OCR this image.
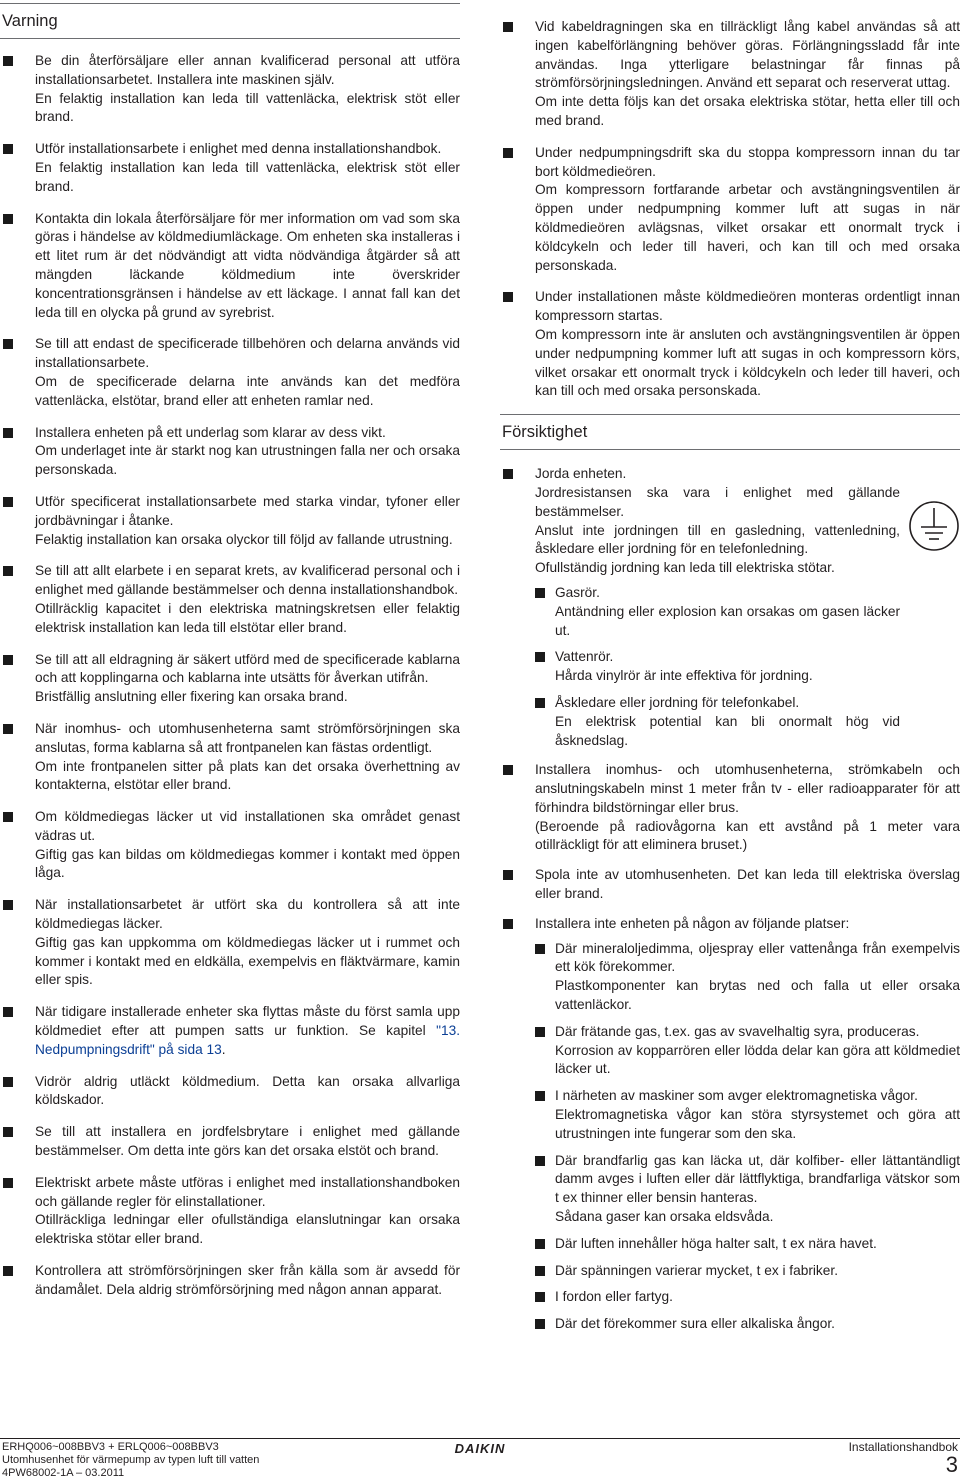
Varning

Be din återförsäljare eller annan kvalificerad personal att utföra installationsarbetet. Installera inte maskinen själv.

En felaktig installation kan leda till vattenläcka, elektrisk stöt eller brand.

Utför installationsarbete i enlighet med denna installationshandbok.

En felaktig installation kan leda till vattenläcka, elektrisk stöt eller brand.

Kontakta din lokala återförsäljare för mer information om vad som ska göras i händelse av köldmediumläckage. Om enheten ska installeras i ett litet rum är det nödvändigt att vidta nödvändiga åtgärder så att mängden läckande köldmedium inte överskrider koncentrationsgränsen i händelse av ett läckage. I annat fall kan det leda till en olycka på grund av syrebrist.

Se till att endast de specificerade tillbehören och delarna används vid installationsarbete.

Om de specificerade delarna inte används kan det medföra vattenläcka, elstötar, brand eller att enheten ramlar ned.

Installera enheten på ett underlag som klarar av dess vikt.

Om underlaget inte är starkt nog kan utrustningen falla ner och orsaka personskada.

Utför specificerat installationsarbete med starka vindar, tyfoner eller jordbävningar i åtanke.

Felaktig installation kan orsaka olyckor till följd av fallande utrustning.

Se till att allt elarbete i en separat krets, av kvalificerad personal och i enlighet med gällande bestämmelser och denna installationshandbok.

Otillräcklig kapacitet i den elektriska matningskretsen eller felaktig elektrisk installation kan leda till elstötar eller brand.

Se till att all eldragning är säkert utförd med de specificerade kablarna och att kopplingarna och kablarna inte utsätts för åverkan utifrån.

Bristfällig anslutning eller fixering kan orsaka brand.

När inomhus- och utomhusenheterna samt strömförsörjningen ska anslutas, forma kablarna så att frontpanelen kan fästas ordentligt.

Om inte frontpanelen sitter på plats kan det orsaka överhettning av kontakterna, elstötar eller brand.

Om köldmediegas läcker ut vid installationen ska området genast vädras ut.

Giftig gas kan bildas om köldmediegas kommer i kontakt med öppen låga.

När installationsarbetet är utfört ska du kontrollera så att inte köldmediegas läcker.

Giftig gas kan uppkomma om köldmediegas läcker ut i rummet och kommer i kontakt med en eldkälla, exempelvis en fläktvärmare, kamin eller spis.

När tidigare installerade enheter ska flyttas måste du först samla upp köldmediet efter att pumpen satts ur funktion. Se kapitel "13. Nedpumpningsdrift" på sida 13.

Vidrör aldrig utläckt köldmedium. Detta kan orsaka allvarliga köldskador.

Se till att installera en jordfelsbrytare i enlighet med gällande bestämmelser. Om detta inte görs kan det orsaka elstöt och brand.

Elektriskt arbete måste utföras i enlighet med installationshandboken och gällande regler för elinstallationer.

Otillräckliga ledningar eller ofullständiga elanslutningar kan orsaka elektriska stötar eller brand.

Kontrollera att strömförsörjningen sker från källa som är avsedd för ändamålet. Dela aldrig strömförsörjning med någon annan apparat.

Vid kabeldragningen ska en tillräckligt lång kabel användas så att ingen kabelförlängning behöver göras. Förlängningssladd får inte användas. Inga ytterligare belastningar får finnas på strömförsörjningsledningen. Använd ett separat och reserverat uttag.

Om inte detta följs kan det orsaka elektriska stötar, hetta eller till och med brand.

Under nedpumpningsdrift ska du stoppa kompressorn innan du tar bort köldmedieören.

Om kompressorn fortfarande arbetar och avstängningsventilen är öppen under nedpumpning kommer luft att sugas in när köldmedieören avlägsnas, vilket orsakar ett onormalt tryck i köldcykeln och leder till haveri, och kan till och med orsaka personskada.

Under installationen måste köldmedieören monteras ordentligt innan kompressorn startas.

Om kompressorn inte är ansluten och avstängningsventilen är öppen under nedpumpning kommer luft att sugas in och kompressorn körs, vilket orsakar ett onormalt tryck i köldcykeln och leder till haveri, och kan till och med orsaka personskada.

Försiktighet

Jorda enheten.

Jordresistansen ska vara i enlighet med gällande bestämmelser.

Anslut inte jordningen till en gasledning, vattenledning, åskledare eller jordning för en telefonledning.

Ofullständig jordning kan leda till elektriska stötar.

Gasrör.

Antändning eller explosion kan orsakas om gasen läcker ut.

Vattenrör.

Hårda vinylrör är inte effektiva för jordning.

Åskledare eller jordning för telefonkabel.

En elektrisk potential kan bli onormalt hög vid åsknedslag.

Installera inomhus- och utomhusenheterna, strömkabeln och anslutningskabeln minst 1 meter från tv - eller radioapparater för att förhindra bildstörningar eller brus.

(Beroende på radiovågorna kan ett avstånd på 1 meter vara otillräckligt för att eliminera bruset.)

Spola inte av utomhusenheten. Det kan leda till elektriska överslag eller brand.

Installera inte enheten på någon av följande platser:

Där mineraloljedimma, oljespray eller vattenånga från exempelvis ett kök förekommer.

Plastkomponenter kan brytas ned och falla ut eller orsaka vattenläckor.

Där frätande gas, t.ex. gas av svavelhaltig syra, produceras.

Korrosion av kopparrören eller lödda delar kan göra att köldmediet läcker ut.

I närheten av maskiner som avger elektromagnetiska vågor.

Elektromagnetiska vågor kan störa styrsystemet och göra att utrustningen inte fungerar som den ska.

Där brandfarlig gas kan läcka ut, där kolfiber- eller lättantändligt damm avges i luften eller där lättflyktiga, brandfarliga vätskor som t ex thinner eller bensin hanteras.

Sådana gaser kan orsaka eldsvåda.

Där luften innehåller höga halter salt, t ex nära havet.

Där spänningen varierar mycket, t ex i fabriker.

I fordon eller fartyg.

Där det förekommer sura eller alkaliska ångor.

ERHQ006~008BBV3 + ERLQ006~008BBV3
Utomhusenhet för värmepump av typen luft till vatten
4PW68002-1A – 03.2011
DAIKIN	Installationshandbok
3
